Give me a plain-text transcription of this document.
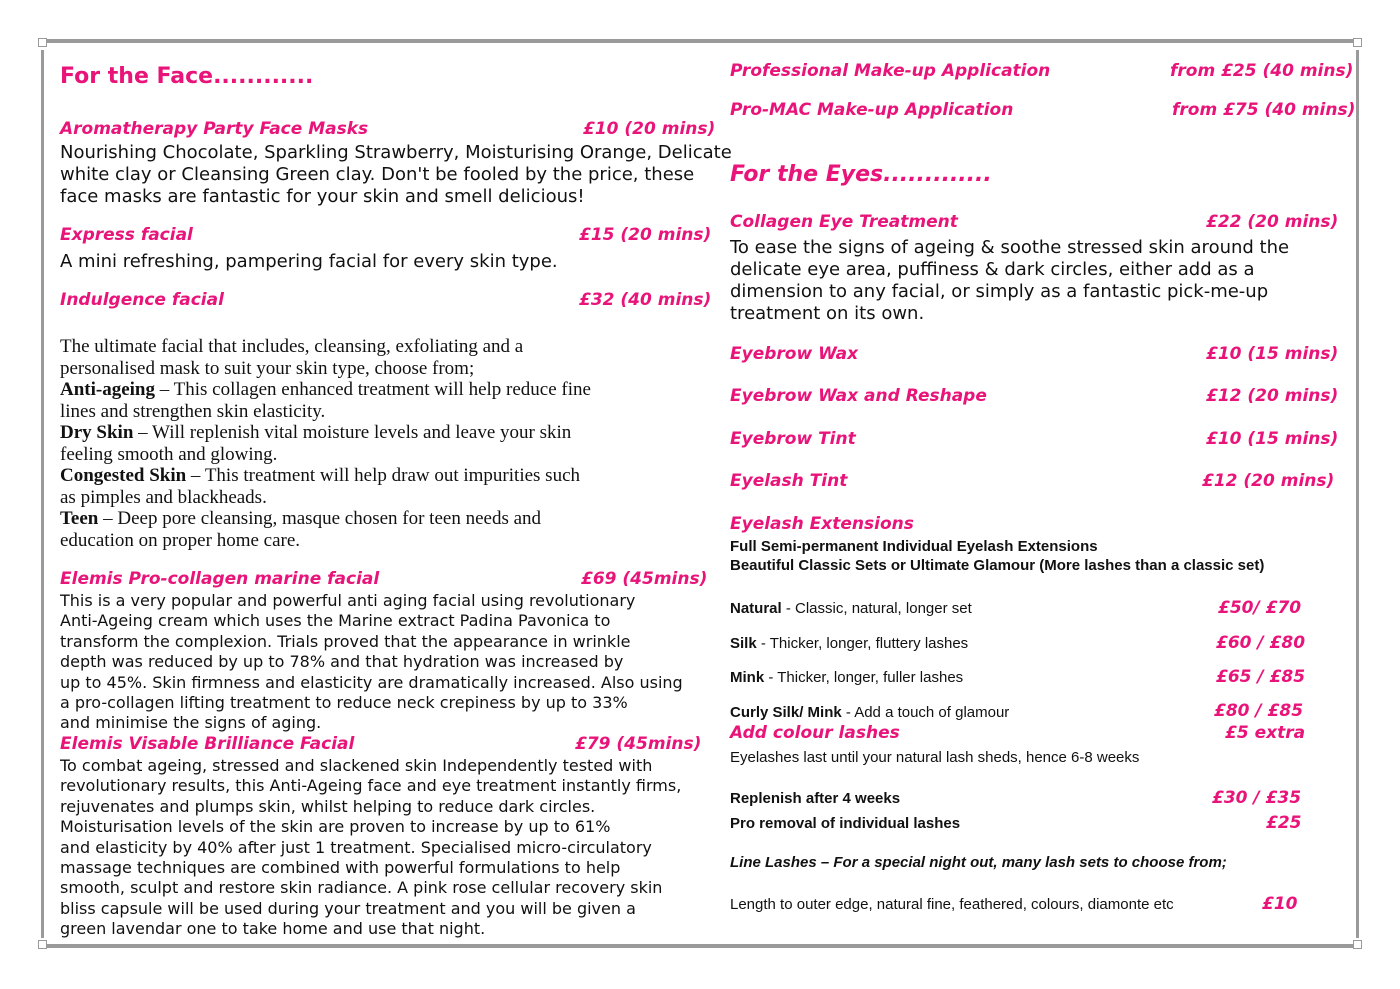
For the Face............
Aromatherapy Party Face Masks	£10 (20 mins)
Nourishing Chocolate, Sparkling Strawberry, Moisturising Orange, Delicate
white clay or Cleansing Green clay. Don't be fooled by the price, these
face masks are fantastic for your skin and smell delicious!
Express facial	£15 (20 mins)
A mini refreshing, pampering facial for every skin type.
Indulgence facial	£32 (40 mins)
The ultimate facial that includes, cleansing, exfoliating and a
personalised mask to suit your skin type, choose from;
Anti-ageing – This collagen enhanced treatment will help reduce fine
lines and strengthen skin elasticity.
Dry Skin – Will replenish vital moisture levels and leave your skin
feeling smooth and glowing.
Congested Skin – This treatment will help draw out impurities such
as pimples and blackheads.
Teen – Deep pore cleansing, masque chosen for teen needs and
education on proper home care.
Elemis Pro-collagen marine facial	£69 (45mins)
This is a very popular and powerful anti aging facial using revolutionary
Anti-Ageing cream which uses the Marine extract Padina Pavonica to
transform the complexion. Trials proved that the appearance in wrinkle
depth was reduced by up to 78% and that hydration was increased by
up to 45%. Skin firmness and elasticity are dramatically increased. Also using
a pro-collagen lifting treatment to reduce neck crepiness by up to 33%
and minimise the signs of aging.
Elemis Visable Brilliance Facial	£79 (45mins)
To combat ageing, stressed and slackened skin Independently tested with
revolutionary results, this Anti-Ageing face and eye treatment instantly firms,
rejuvenates and plumps skin, whilst helping to reduce dark circles.
Moisturisation levels of the skin are proven to increase by up to 61%
and elasticity by 40% after just 1 treatment. Specialised micro-circulatory
massage techniques are combined with powerful formulations to help
smooth, sculpt and restore skin radiance. A pink rose cellular recovery skin
bliss capsule will be used during your treatment and you will be given a
green lavendar one to take home and use that night.
Professional Make-up Application	from £25 (40 mins)
Pro-MAC Make-up Application	from £75 (40 mins)
For the Eyes.............
Collagen Eye Treatment	£22 (20 mins)
To ease the signs of ageing & soothe stressed skin around the
delicate eye area, puffiness & dark circles, either add as a
dimension to any facial, or simply as a fantastic pick-me-up
treatment on its own.
Eyebrow Wax	£10 (15 mins)
Eyebrow Wax and Reshape	£12 (20 mins)
Eyebrow Tint	£10 (15 mins)
Eyelash Tint	£12 (20 mins)
Eyelash Extensions
Full Semi-permanent Individual Eyelash Extensions
Beautiful Classic Sets or Ultimate Glamour (More lashes than a classic set)
Natural - Classic, natural, longer set	£50/ £70
Silk - Thicker, longer, fluttery lashes	£60 / £80
Mink - Thicker, longer, fuller lashes	£65 / £85
Curly Silk/ Mink - Add a touch of glamour	£80 / £85
Add colour lashes	£5 extra
Eyelashes last until your natural lash sheds, hence 6-8 weeks
Replenish after 4 weeks	£30 / £35
Pro removal of individual lashes	£25
Line Lashes – For a special night out, many lash sets to choose from;
Length to outer edge, natural fine, feathered, colours, diamonte etc	£10
